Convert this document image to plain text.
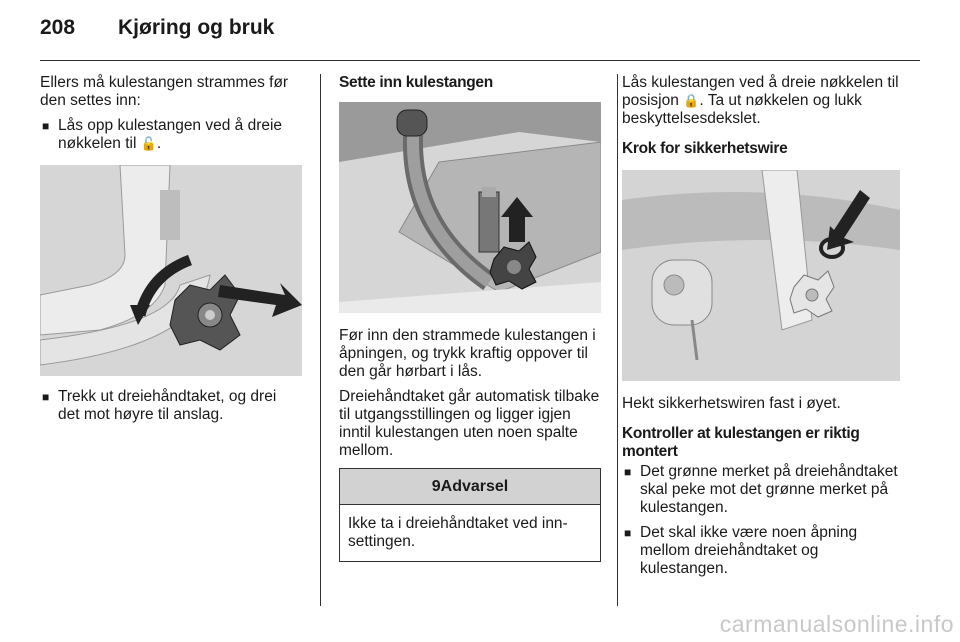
208 Kjøring og bruk

Ellers må kulestangen strammes før den settes inn:

■ Lås opp kulestangen ved å dreie nøkkelen til 🔓.
■ Trekk ut dreiehåndtaket, og drei det mot høyre til anslag.
Sette inn kulestangen

Før inn den strammede kulestangen i åpningen, og trykk kraftig oppover til den går hørbart i lås.

Dreiehåndtaket går automatisk tilbake til utgangsstillingen og ligger igjen inntil kulestangen uten noen spalte mellom.

9Advarsel
Ikke ta i dreiehåndtaket ved inn-settingen.

Lås kulestangen ved å dreie nøkkelen til posisjon 🔒. Ta ut nøkkelen og lukk beskyttelsesdekslet.

Krok for sikkerhetswire

Hekt sikkerhetswiren fast i øyet.

Kontroller at kulestangen er riktig montert
■ Det grønne merket på dreiehåndtaket skal peke mot det grønne merket på kulestangen.
■ Det skal ikke være noen åpning mellom dreiehåndtaket og kulestangen.
carmanualsonline.info
